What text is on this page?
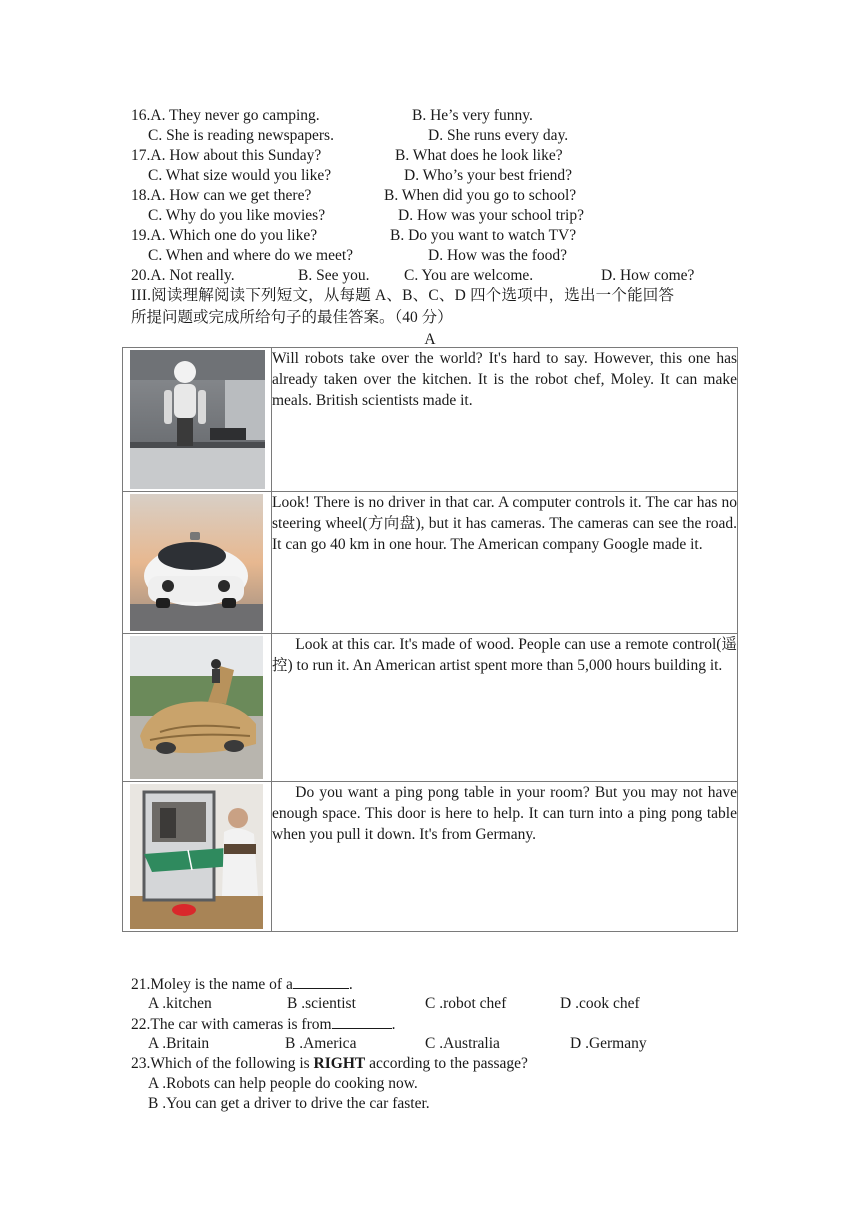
16.A. They never go camping.	B. He’s very funny.
C. She is reading newspapers.	D. She runs every day.
17.A. How about this Sunday?	B. What does he look like?
C. What size would you like?	D. Who’s your best friend?
18.A. How can we get there?	B. When did you go to school?
C. Why do you like movies?	D. How was your school trip?
19.A. Which one do you like?	B. Do you want to watch TV?
C. When and where do we meet?	D. How was the food?
20.A. Not really.	B. See you. C. You are welcome.	D. How come?
III.阅读理解阅读下列短文，从每题 A、B、C、D 四个选项中，选出一个能回答
所提问题或完成所给句子的最佳答案。（40 分）
A
	Will robots take over the world? It's hard to say. However, this one has already taken over the kitchen. It is the robot chef, Moley. It can make meals. British scientists made it.

	Look! There is no driver in that car. A computer controls it. The car has no steering wheel(方向盘), but it has cameras. The cameras can see the road. It can go 40 km in one hour. The American company Google made it.

	Look at this car. It's made of wood. People can use a remote control(遥控) to run it. An American artist spent more than 5,000 hours building it.

	Do you want a ping pong table in your room? But you may not have enough space. This door is here to help. It can turn into a ping pong table when you pull it down. It's from Germany.
21.Moley is the name of a	.
A .kitchen	B .scientist	C .robot chef	D .cook chef
22.The car with cameras is from	.
A .Britain	B .America	C .Australia	D .Germany
23.Which of the following is RIGHT according to the passage?
A .Robots can help people do cooking now.
B .You can get a driver to drive the car faster.
